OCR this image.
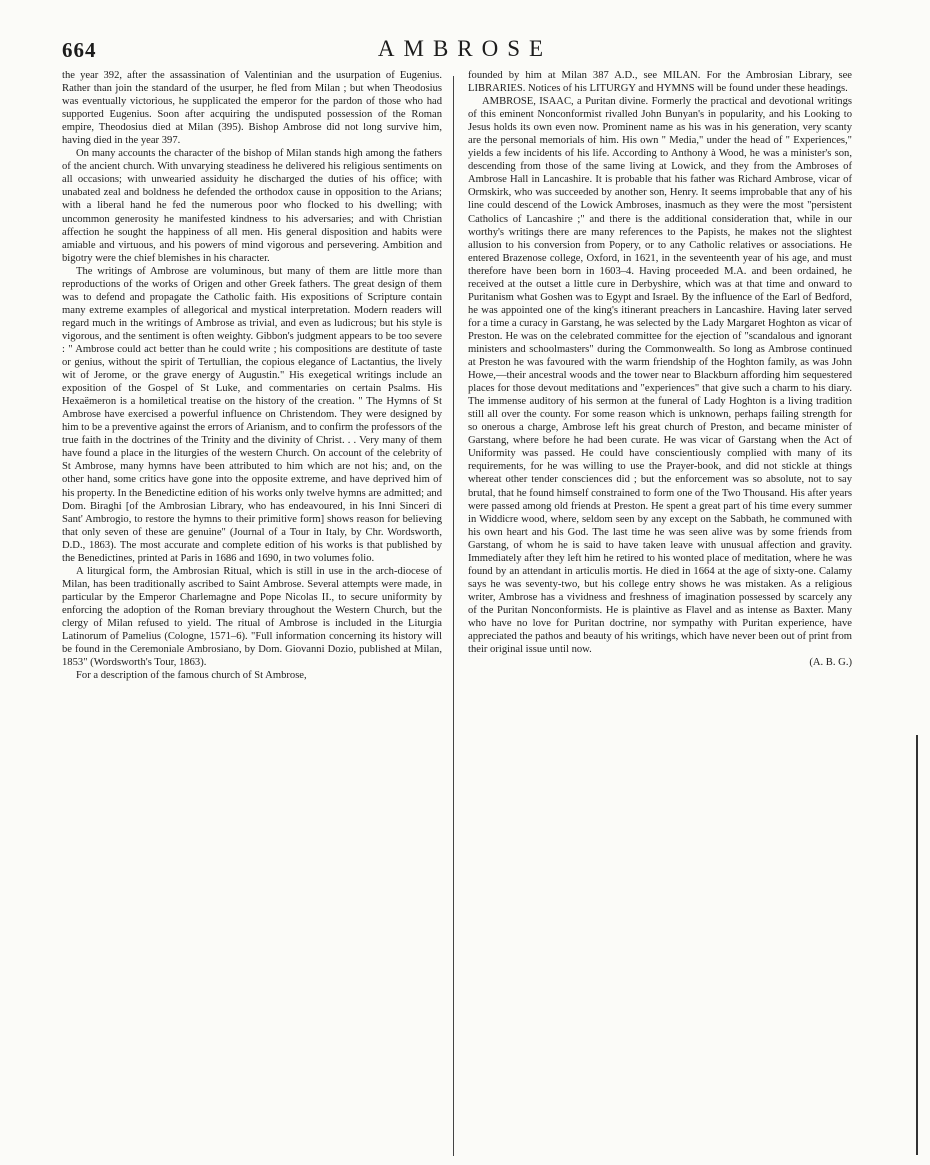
664	AMBROSE

the year 392, after the assassination of Valentinian and the usurpation of Eugenius. Rather than join the standard of the usurper, he fled from Milan ; but when Theodosius was eventually victorious, he supplicated the emperor for the pardon of those who had supported Eugenius. Soon after acquiring the undisputed possession of the Roman empire, Theodosius died at Milan (395). Bishop Ambrose did not long survive him, having died in the year 397.

On many accounts the character of the bishop of Milan stands high among the fathers of the ancient church. With unvarying steadiness he delivered his religious sentiments on all occasions; with unwearied assiduity he discharged the duties of his office; with unabated zeal and boldness he defended the orthodox cause in opposition to the Arians; with a liberal hand he fed the numerous poor who flocked to his dwelling; with uncommon generosity he manifested kindness to his adversaries; and with Christian affection he sought the happiness of all men. His general disposition and habits were amiable and virtuous, and his powers of mind vigorous and persevering. Ambition and bigotry were the chief blemishes in his character.

The writings of Ambrose are voluminous, but many of them are little more than reproductions of the works of Origen and other Greek fathers. The great design of them was to defend and propagate the Catholic faith. His expositions of Scripture contain many extreme examples of allegorical and mystical interpretation. Modern readers will regard much in the writings of Ambrose as trivial, and even as ludicrous; but his style is vigorous, and the sentiment is often weighty. Gibbon's judgment appears to be too severe : " Ambrose could act better than he could write ; his compositions are destitute of taste or genius, without the spirit of Tertullian, the copious elegance of Lactantius, the lively wit of Jerome, or the grave energy of Augustin." His exegetical writings include an exposition of the Gospel of St Luke, and commentaries on certain Psalms. His Hexaëmeron is a homiletical treatise on the history of the creation. " The Hymns of St Ambrose have exercised a powerful influence on Christendom. They were designed by him to be a preventive against the errors of Arianism, and to confirm the professors of the true faith in the doctrines of the Trinity and the divinity of Christ. . . Very many of them have found a place in the liturgies of the western Church. On account of the celebrity of St Ambrose, many hymns have been attributed to him which are not his; and, on the other hand, some critics have gone into the opposite extreme, and have deprived him of his property. In the Benedictine edition of his works only twelve hymns are admitted; and Dom. Biraghi [of the Ambrosian Library, who has endeavoured, in his Inni Sinceri di Sant' Ambrogio, to restore the hymns to their primitive form] shows reason for believing that only seven of these are genuine" (Journal of a Tour in Italy, by Chr. Wordsworth, D.D., 1863). The most accurate and complete edition of his works is that published by the Benedictines, printed at Paris in 1686 and 1690, in two volumes folio.

A liturgical form, the Ambrosian Ritual, which is still in use in the arch-diocese of Milan, has been traditionally ascribed to Saint Ambrose. Several attempts were made, in particular by the Emperor Charlemagne and Pope Nicolas II., to secure uniformity by enforcing the adoption of the Roman breviary throughout the Western Church, but the clergy of Milan refused to yield. The ritual of Ambrose is included in the Liturgia Latinorum of Pamelius (Cologne, 1571–6). "Full information concerning its history will be found in the Ceremoniale Ambrosiano, by Dom. Giovanni Dozio, published at Milan, 1853" (Wordsworth's Tour, 1863).

For a description of the famous church of St Ambrose,

founded by him at Milan 387 A.D., see MILAN. For the Ambrosian Library, see LIBRARIES. Notices of his LITURGY and HYMNS will be found under these headings.

AMBROSE, ISAAC, a Puritan divine. Formerly the practical and devotional writings of this eminent Nonconformist rivalled John Bunyan's in popularity, and his Looking to Jesus holds its own even now. Prominent name as his was in his generation, very scanty are the personal memorials of him. His own " Media," under the head of " Experiences," yields a few incidents of his life. According to Anthony à Wood, he was a minister's son, descending from those of the same living at Lowick, and they from the Ambroses of Ambrose Hall in Lancashire. It is probable that his father was Richard Ambrose, vicar of Ormskirk, who was succeeded by another son, Henry. It seems improbable that any of his line could descend of the Lowick Ambroses, inasmuch as they were the most "persistent Catholics of Lancashire ;" and there is the additional consideration that, while in our worthy's writings there are many references to the Papists, he makes not the slightest allusion to his conversion from Popery, or to any Catholic relatives or associations. He entered Brazenose college, Oxford, in 1621, in the seventeenth year of his age, and must therefore have been born in 1603–4. Having proceeded M.A. and been ordained, he received at the outset a little cure in Derbyshire, which was at that time and onward to Puritanism what Goshen was to Egypt and Israel. By the influence of the Earl of Bedford, he was appointed one of the king's itinerant preachers in Lancashire. Having later served for a time a curacy in Garstang, he was selected by the Lady Margaret Hoghton as vicar of Preston. He was on the celebrated committee for the ejection of "scandalous and ignorant ministers and schoolmasters" during the Commonwealth. So long as Ambrose continued at Preston he was favoured with the warm friendship of the Hoghton family, as was John Howe,—their ancestral woods and the tower near to Blackburn affording him sequestered places for those devout meditations and "experiences" that give such a charm to his diary. The immense auditory of his sermon at the funeral of Lady Hoghton is a living tradition still all over the county. For some reason which is unknown, perhaps failing strength for so onerous a charge, Ambrose left his great church of Preston, and became minister of Garstang, where before he had been curate. He was vicar of Garstang when the Act of Uniformity was passed. He could have conscientiously complied with many of its requirements, for he was willing to use the Prayer-book, and did not stickle at things whereat other tender consciences did ; but the enforcement was so absolute, not to say brutal, that he found himself constrained to form one of the Two Thousand. His after years were passed among old friends at Preston. He spent a great part of his time every summer in Widdicre wood, where, seldom seen by any except on the Sabbath, he communed with his own heart and his God. The last time he was seen alive was by some friends from Garstang, of whom he is said to have taken leave with unusual affection and gravity. Immediately after they left him he retired to his wonted place of meditation, where he was found by an attendant in articulis mortis. He died in 1664 at the age of sixty-one. Calamy says he was seventy-two, but his college entry shows he was mistaken. As a religious writer, Ambrose has a vividness and freshness of imagination possessed by scarcely any of the Puritan Nonconformists. He is plaintive as Flavel and as intense as Baxter. Many who have no love for Puritan doctrine, nor sympathy with Puritan experience, have appreciated the pathos and beauty of his writings, which have never been out of print from their original issue until now.

(A. B. G.)
